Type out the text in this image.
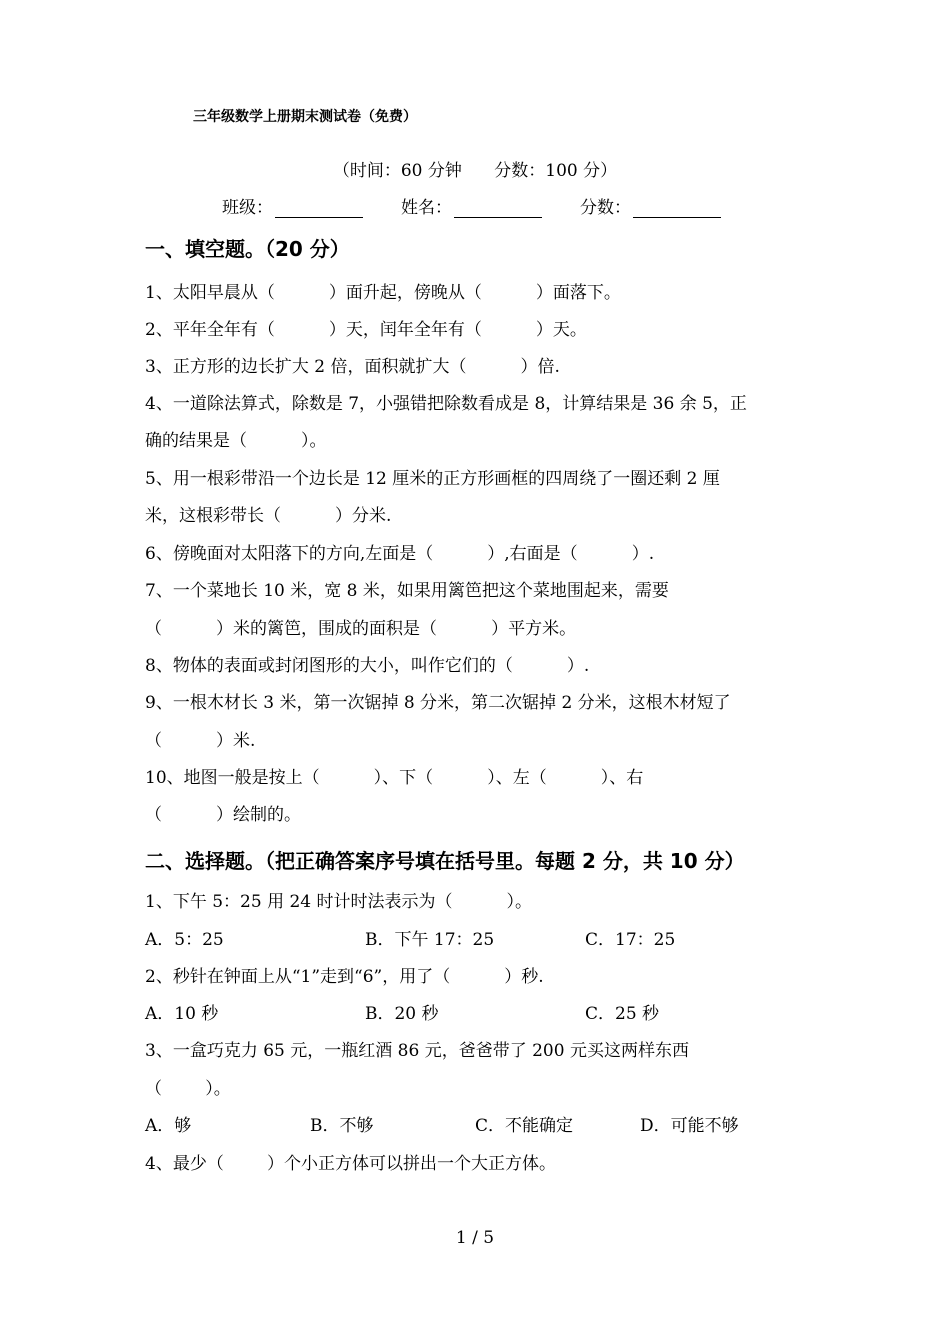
三年级数学上册期末测试卷（免费）
（时间：60 分钟      分数：100 分）
班级：	姓名：	分数：
一、填空题。（20 分）
1、太阳早晨从（          ）面升起，傍晚从（          ）面落下。
2、平年全年有（          ）天，闰年全年有（          ）天。
3、正方形的边长扩大 2 倍，面积就扩大（          ）倍.
4、一道除法算式，除数是 7，小强错把除数看成是 8，计算结果是 36 余 5，正
确的结果是（          ）。
5、用一根彩带沿一个边长是 12 厘米的正方形画框的四周绕了一圈还剩 2 厘
米，这根彩带长（          ）分米.
6、傍晚面对太阳落下的方向,左面是（          ）,右面是（          ）.
7、一个菜地长 10 米，宽 8 米，如果用篱笆把这个菜地围起来，需要
（          ）米的篱笆，围成的面积是（          ）平方米。
8、物体的表面或封闭图形的大小，叫作它们的（          ）.
9、一根木材长 3 米，第一次锯掉 8 分米，第二次锯掉 2 分米，这根木材短了
（          ）米.
10、地图一般是按上（          ）、下（          ）、左（          ）、右
（          ）绘制的。
二、选择题。（把正确答案序号填在括号里。每题 2 分，共 10 分）
1、下午 5：25 用 24 时计时法表示为（          ）。
A．5：25	B．下午 17：25	C．17：25
2、秒针在钟面上从“1”走到“6”，用了（          ）秒.
A．10 秒	B．20 秒	C．25 秒
3、一盒巧克力 65 元，一瓶红酒 86 元，爸爸带了 200 元买这两样东西
（        ）。
A．够	B．不够	C．不能确定	D．可能不够
4、最少（        ）个小正方体可以拼出一个大正方体。
1 / 5
